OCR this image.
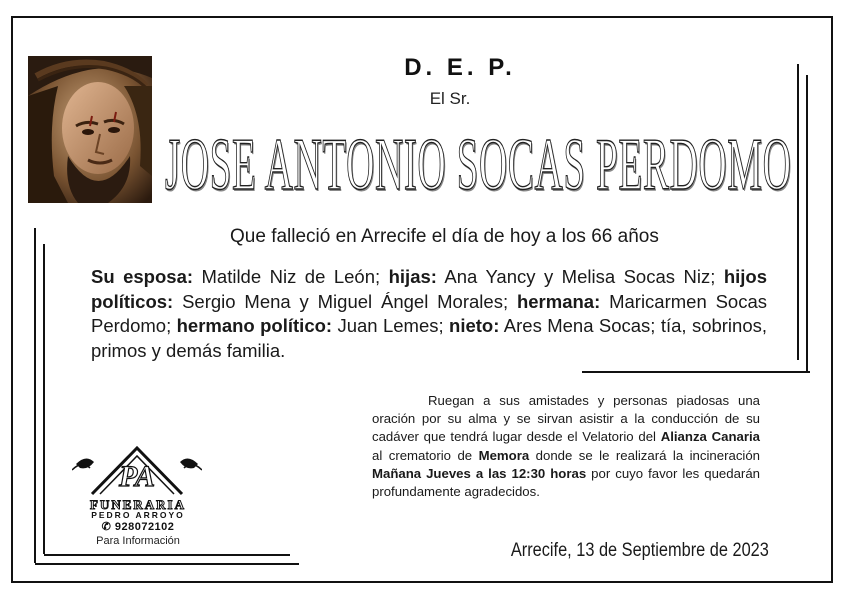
D. E. P.
El Sr.
JOSE ANTONIO SOCAS PERDOMO
Que falleció en Arrecife el día de hoy a los 66 años
Su esposa: Matilde Niz de León; hijas: Ana Yancy y Melisa Socas Niz; hijos políticos: Sergio Mena y Miguel Ángel Morales; hermana: Maricarmen Socas Perdomo; hermano político: Juan Lemes; nieto: Ares Mena Socas; tía, sobrinos, primos y demás familia.
Ruegan a sus amistades y personas piadosas una oración por su alma y se sirvan asistir a la conducción de su cadáver que tendrá lugar desde el Velatorio del Alianza Canaria al crematorio de Memora donde se le realizará la incineración Mañana Jueves a las 12:30 horas por cuyo favor les quedarán profundamente agradecidos.
PA
FUNERARIA
PEDRO ARROYO
✆ 928072102
Para Información	Arrecife, 13 de Septiembre de 2023
